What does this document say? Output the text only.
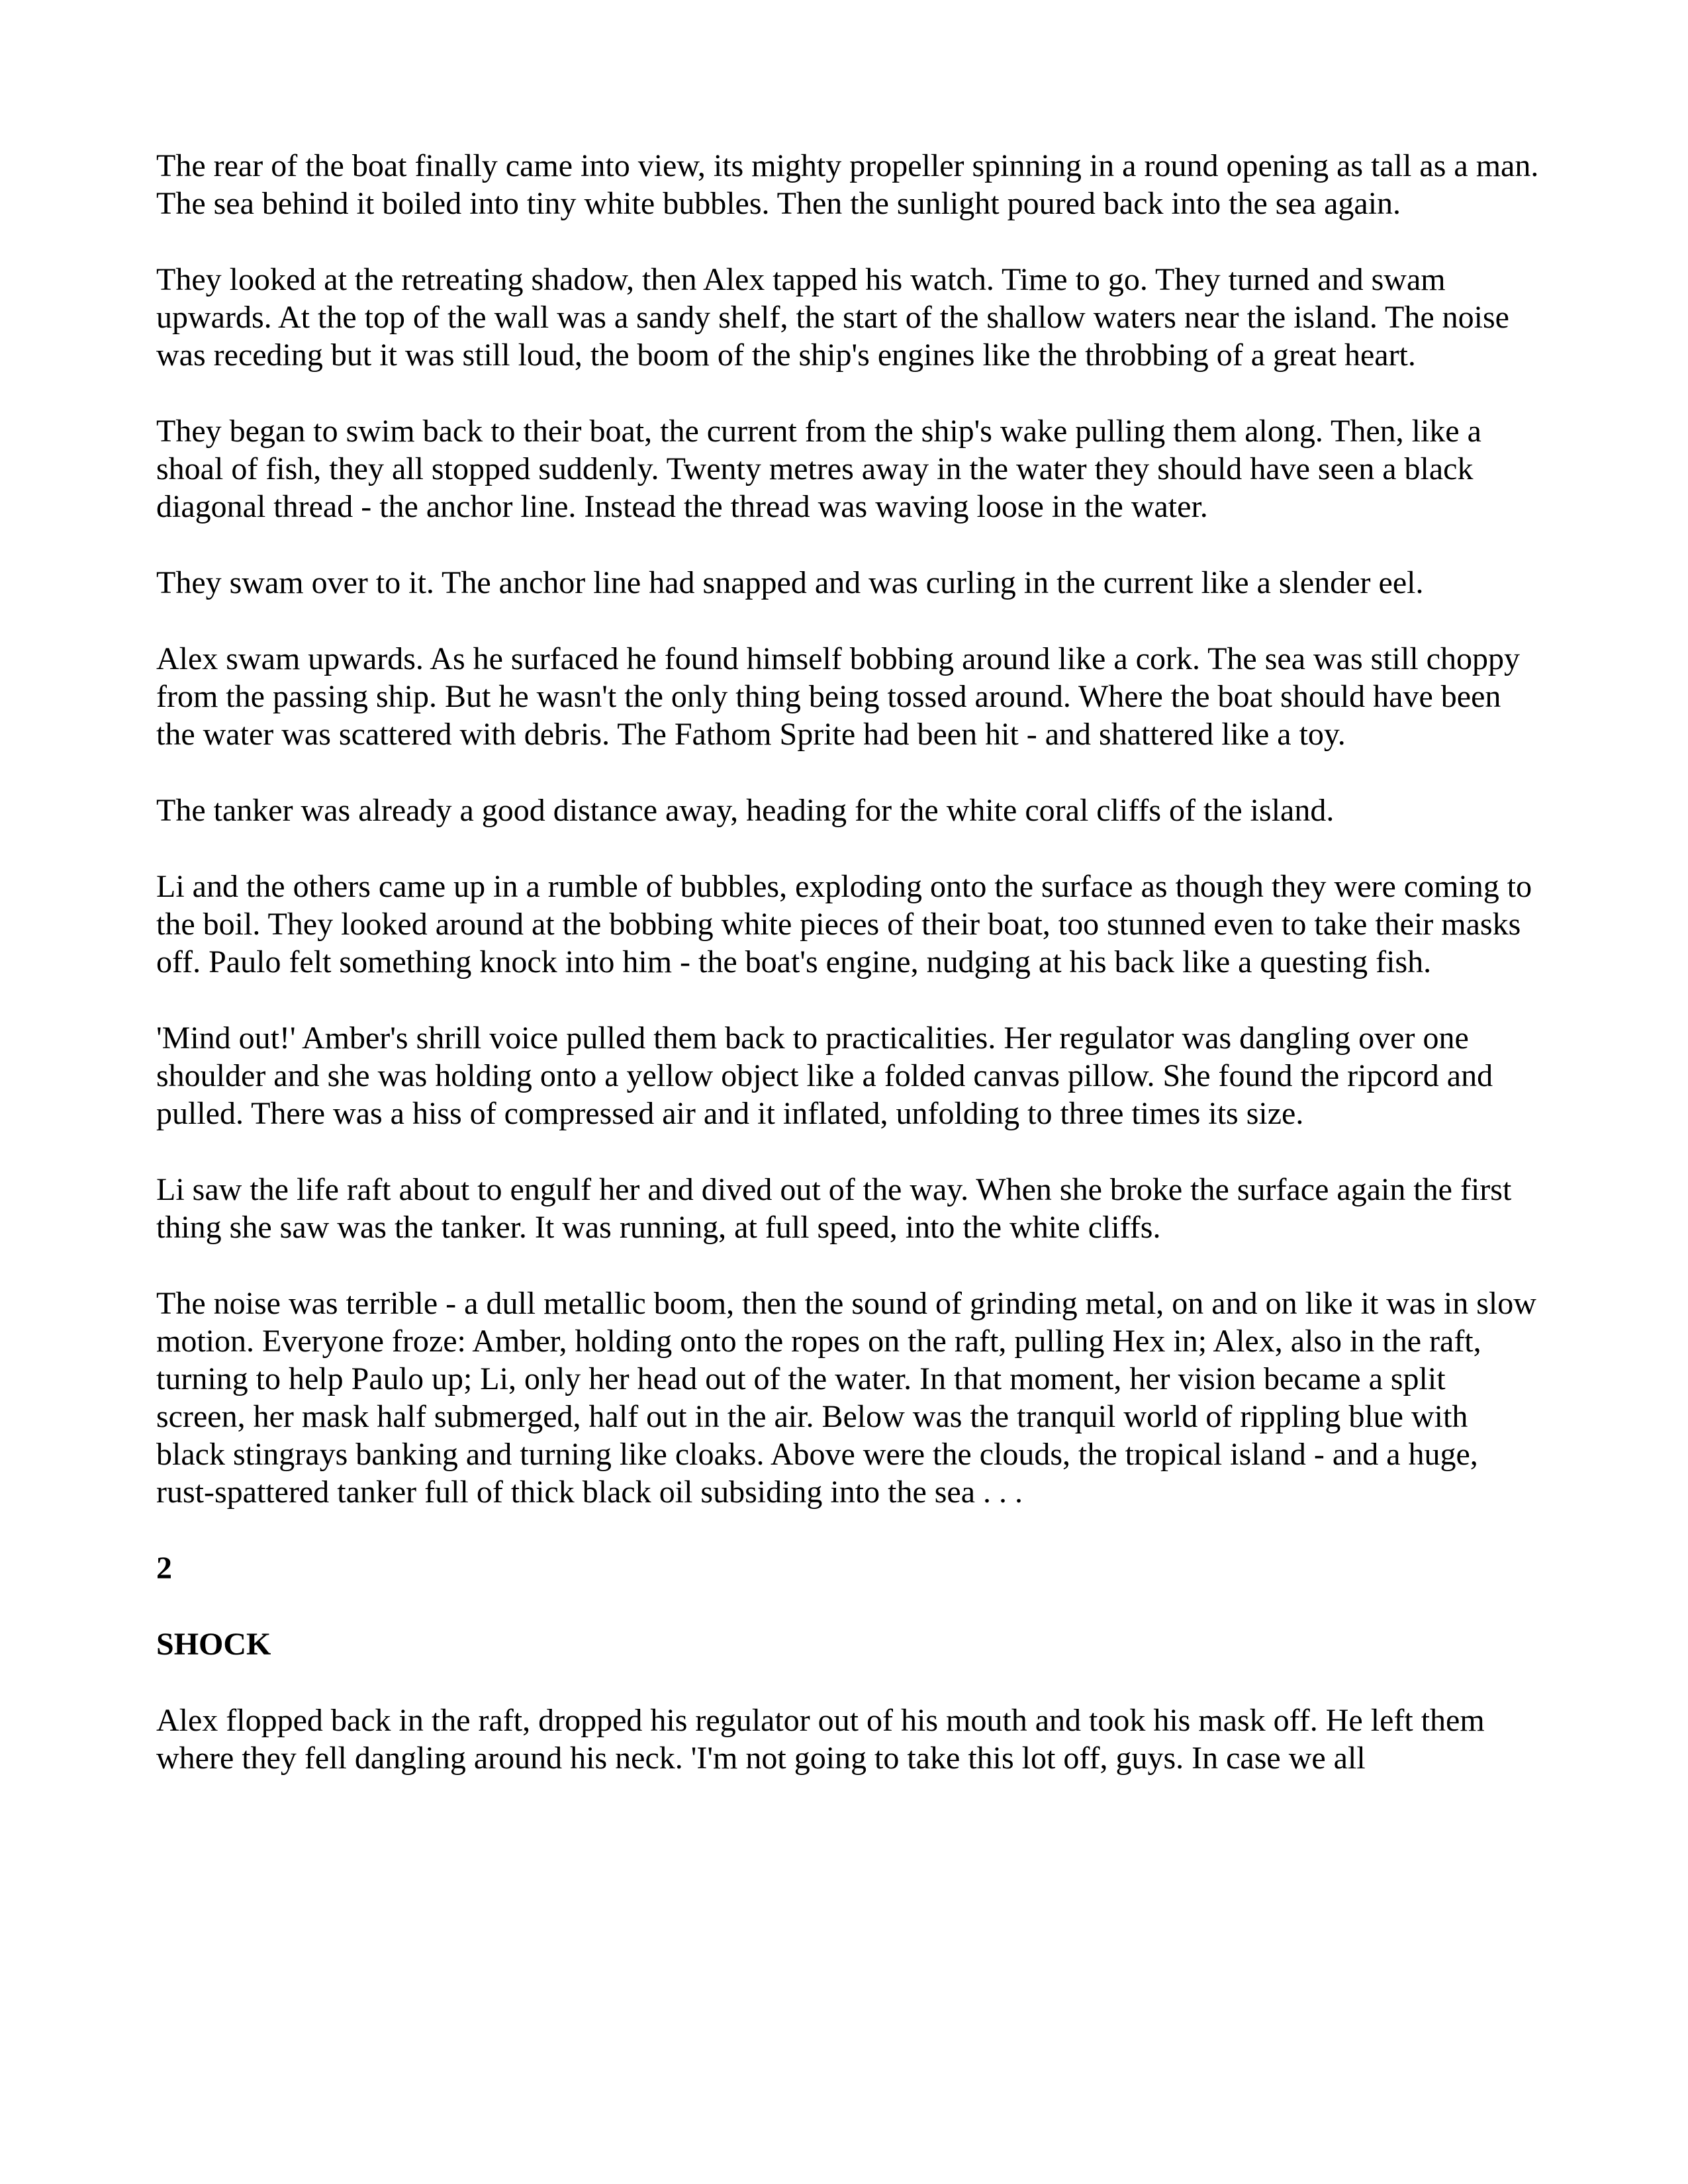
The rear of the boat finally came into view, its mighty propeller spinning in a round opening as tall as a man. The sea behind it boiled into tiny white bubbles. Then the sunlight poured back into the sea again.

They looked at the retreating shadow, then Alex tapped his watch. Time to go. They turned and swam upwards. At the top of the wall was a sandy shelf, the start of the shallow waters near the island. The noise was receding but it was still loud, the boom of the ship's engines like the throbbing of a great heart.

They began to swim back to their boat, the current from the ship's wake pulling them along. Then, like a shoal of fish, they all stopped suddenly. Twenty metres away in the water they should have seen a black diagonal thread - the anchor line. Instead the thread was waving loose in the water.

They swam over to it. The anchor line had snapped and was curling in the current like a slender eel.

Alex swam upwards. As he surfaced he found himself bobbing around like a cork. The sea was still choppy from the passing ship. But he wasn't the only thing being tossed around. Where the boat should have been the water was scattered with debris. The Fathom Sprite had been hit - and shattered like a toy.

The tanker was already a good distance away, heading for the white coral cliffs of the island.

Li and the others came up in a rumble of bubbles, exploding onto the surface as though they were coming to the boil. They looked around at the bobbing white pieces of their boat, too stunned even to take their masks off. Paulo felt something knock into him - the boat's engine, nudging at his back like a questing fish.

'Mind out!' Amber's shrill voice pulled them back to practicalities. Her regulator was dangling over one shoulder and she was holding onto a yellow object like a folded canvas pillow. She found the ripcord and pulled. There was a hiss of compressed air and it inflated, unfolding to three times its size.

Li saw the life raft about to engulf her and dived out of the way. When she broke the surface again the first thing she saw was the tanker. It was running, at full speed, into the white cliffs.

The noise was terrible - a dull metallic boom, then the sound of grinding metal, on and on like it was in slow motion. Everyone froze: Amber, holding onto the ropes on the raft, pulling Hex in; Alex, also in the raft, turning to help Paulo up; Li, only her head out of the water. In that moment, her vision became a split screen, her mask half submerged, half out in the air. Below was the tranquil world of rippling blue with black stingrays banking and turning like cloaks. Above were the clouds, the tropical island - and a huge, rust-spattered tanker full of thick black oil subsiding into the sea . . .

2

SHOCK

Alex flopped back in the raft, dropped his regulator out of his mouth and took his mask off. He left them where they fell dangling around his neck. 'I'm not going to take this lot off, guys. In case we all
